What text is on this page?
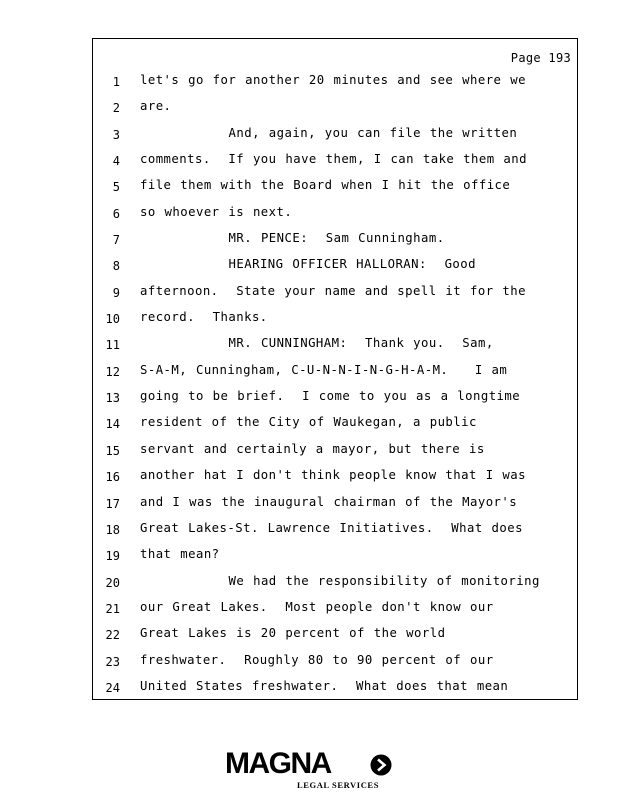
Page 193
1 let's go for another 20 minutes and see where we
2 are.
3 And, again, you can file the written
4 comments.  If you have them, I can take them and
5 file them with the Board when I hit the office
6 so whoever is next.
7 MR. PENCE:  Sam Cunningham.
8 HEARING OFFICER HALLORAN:  Good
9 afternoon.  State your name and spell it for the
10 record.  Thanks.
11 MR. CUNNINGHAM:  Thank you.  Sam,
12 S-A-M, Cunningham, C-U-N-N-I-N-G-H-A-M.   I am
13 going to be brief.  I come to you as a longtime
14 resident of the City of Waukegan, a public
15 servant and certainly a mayor, but there is
16 another hat I don't think people know that I was
17 and I was the inaugural chairman of the Mayor's
18 Great Lakes-St. Lawrence Initiatives.  What does
19 that mean?
20 We had the responsibility of monitoring
21 our Great Lakes.  Most people don't know our
22 Great Lakes is 20 percent of the world
23 freshwater.  Roughly 80 to 90 percent of our
24 United States freshwater.  What does that mean
MAGNA
LEGAL SERVICES
